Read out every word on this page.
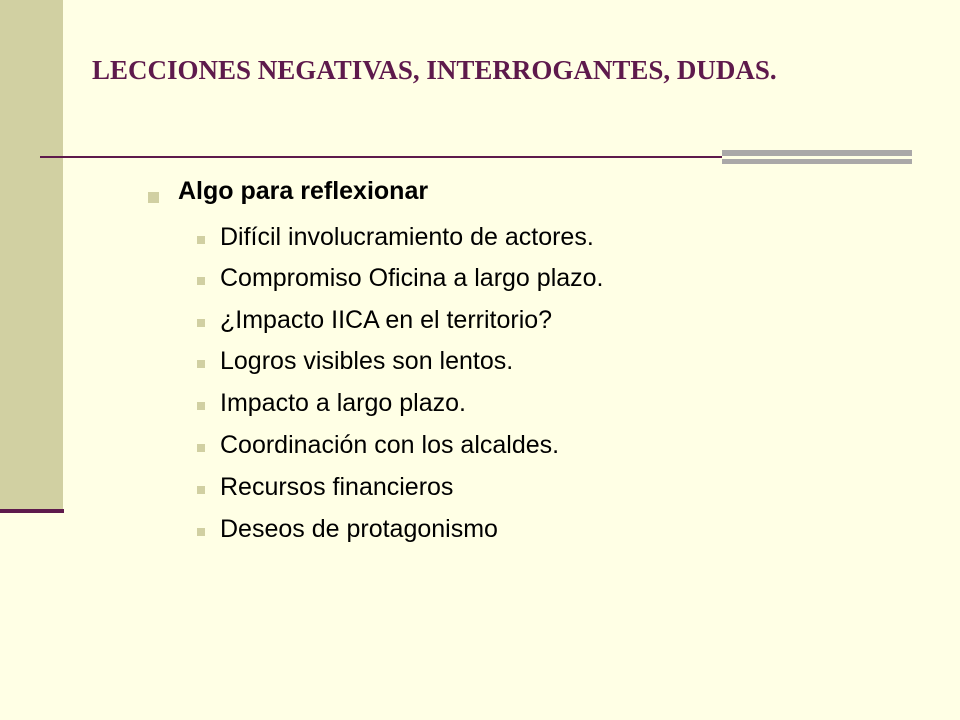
LECCIONES NEGATIVAS, INTERROGANTES, DUDAS.
Algo para reflexionar
Difícil involucramiento de actores.
Compromiso Oficina a largo plazo.
¿Impacto IICA en el territorio?
Logros visibles son lentos.
Impacto a largo plazo.
Coordinación con los alcaldes.
Recursos financieros
Deseos de protagonismo
